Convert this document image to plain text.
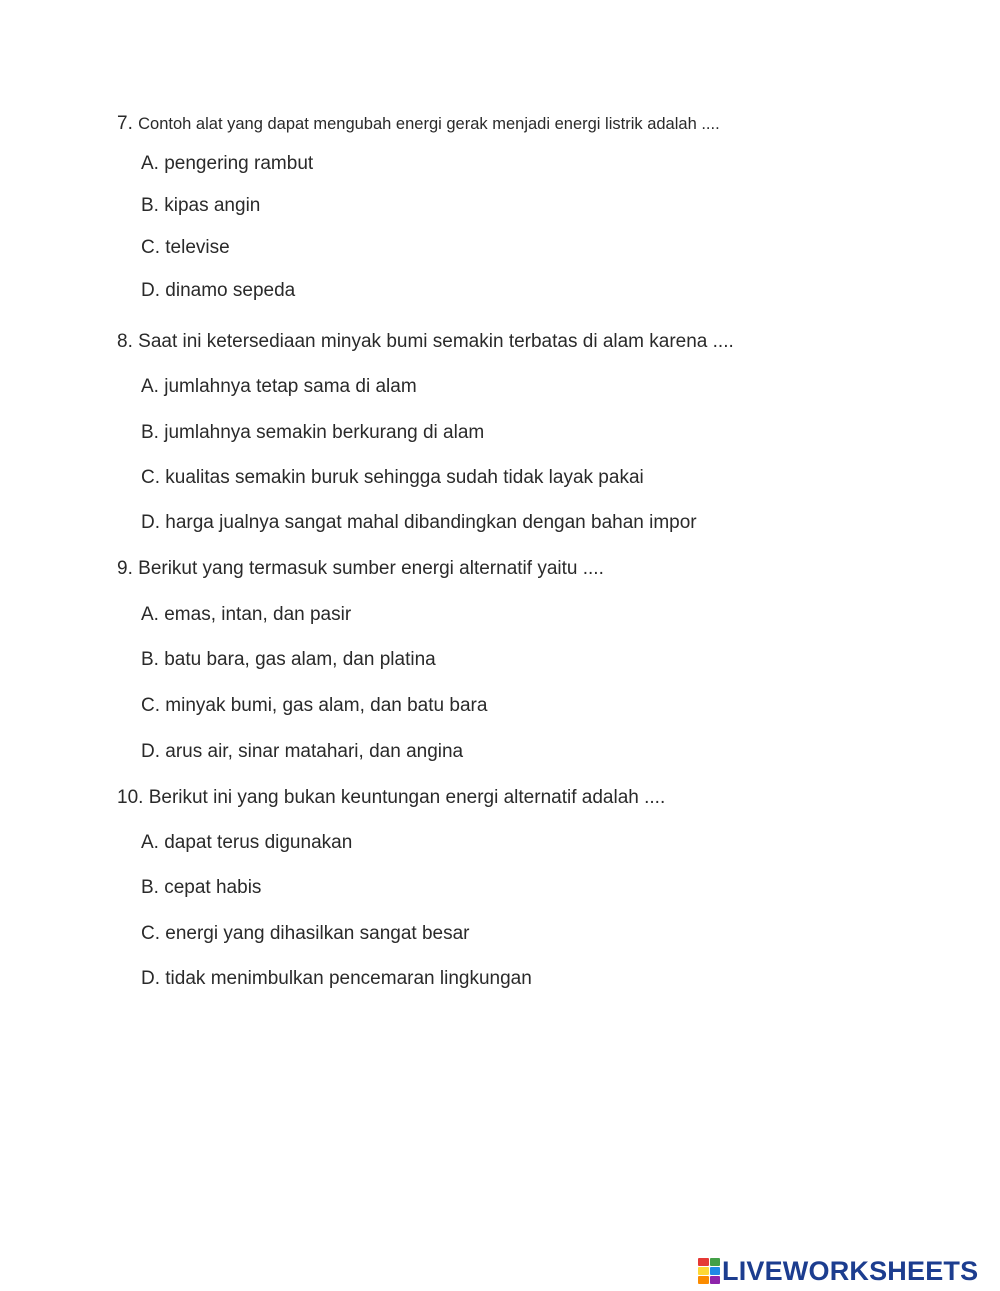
7. Contoh alat yang dapat mengubah energi gerak menjadi energi listrik adalah ....
A. pengering rambut
B. kipas angin
C. televise
D. dinamo sepeda
8. Saat ini ketersediaan minyak bumi semakin terbatas di alam karena ....
A. jumlahnya tetap sama di alam
B. jumlahnya semakin berkurang di alam
C. kualitas semakin buruk sehingga sudah tidak layak pakai
D. harga jualnya sangat mahal dibandingkan dengan bahan impor
9. Berikut yang termasuk sumber energi alternatif yaitu ....
A. emas, intan, dan pasir
B. batu bara, gas alam, dan platina
C. minyak bumi, gas alam, dan batu bara
D. arus air, sinar matahari, dan angina
10. Berikut ini yang bukan keuntungan energi alternatif adalah ....
A. dapat terus digunakan
B. cepat habis
C. energi yang dihasilkan sangat besar
D. tidak menimbulkan pencemaran lingkungan
LIVEWORKSHEETS
